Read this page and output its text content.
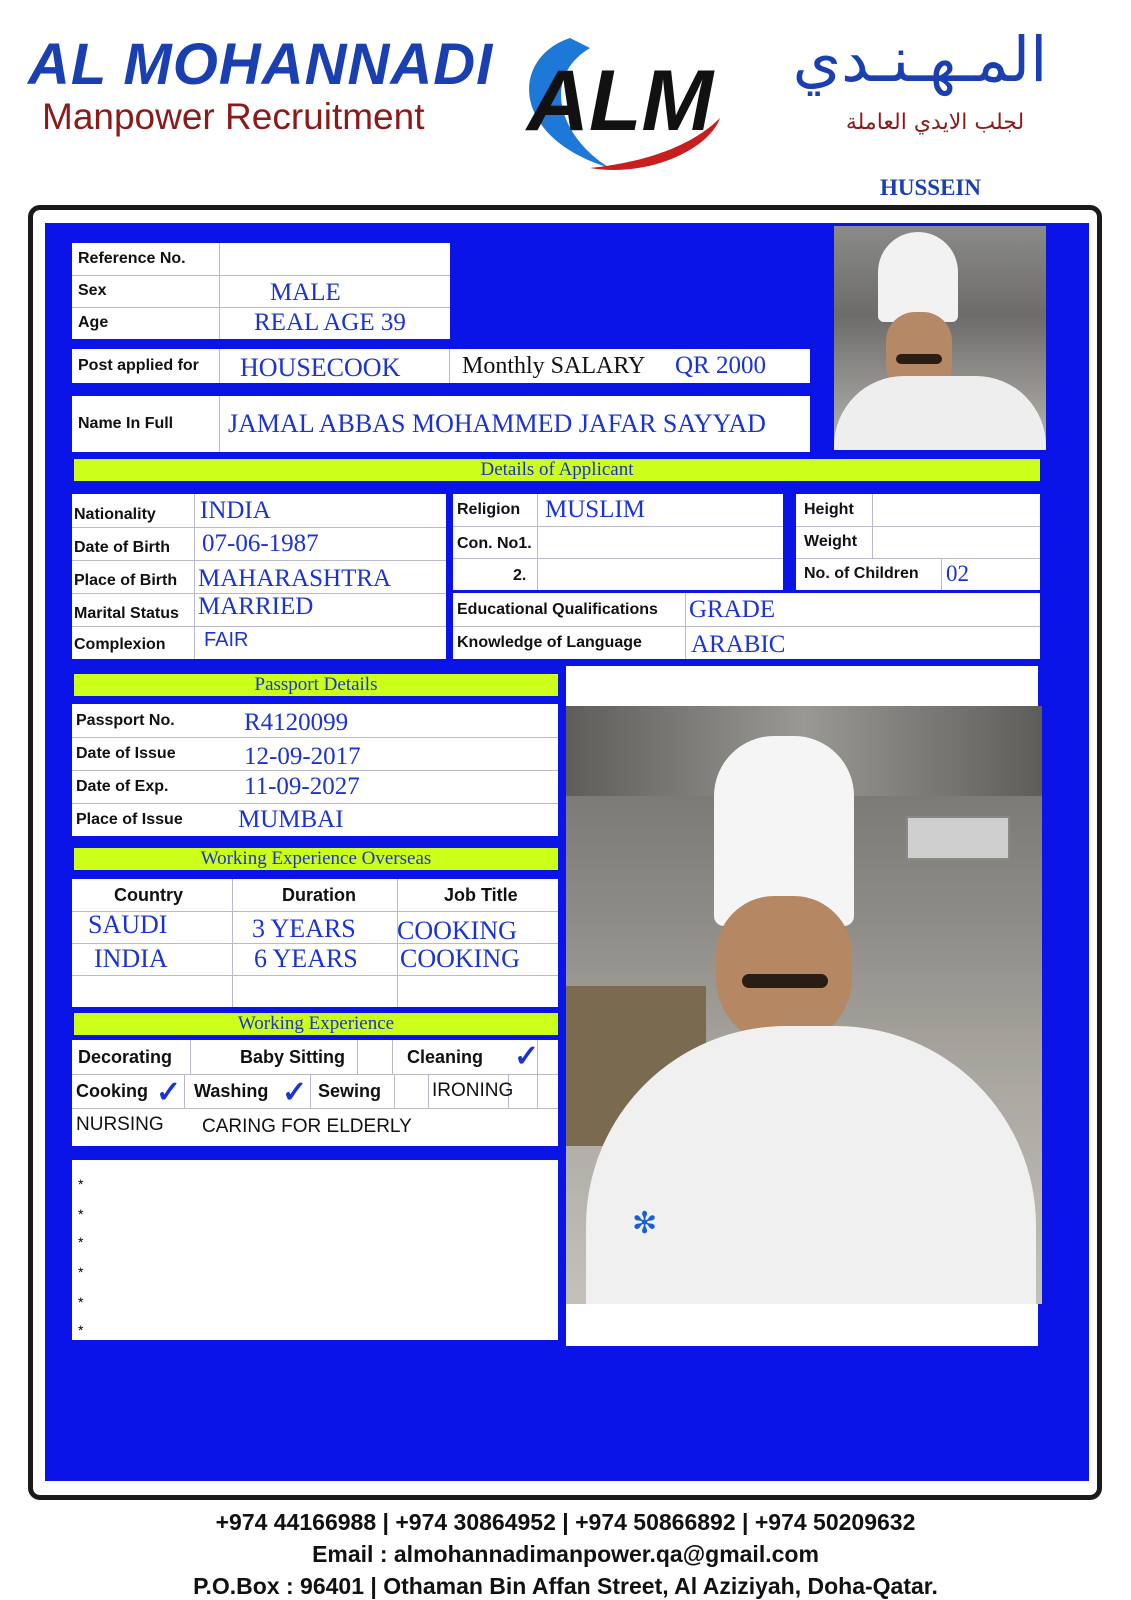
AL MOHANNADI
Manpower Recruitment	ALM	المـهـنـدي
لجلب الايدي العاملة
HUSSEIN
Reference No.
Sex	MALE
Age	REAL AGE 39
Post applied for HOUSECOOK	Monthly SALARY QR 2000
Name In Full JAMAL ABBAS MOHAMMED JAFAR SAYYAD
Details of Applicant
Nationality INDIA
Date of Birth 07-06-1987
Place of Birth MAHARASHTRA
Marital Status MARRIED
Complexion FAIR
Religion MUSLIM
Con. No1.
2.
Height
Weight
No. of Children 02
Educational Qualifications GRADE
Knowledge of Language ARABIC
Passport Details
Passport No.	R4120099
Date of Issue	12-09-2017
Date of Exp.	11-09-2027
Place of Issue MUMBAI
Working Experience Overseas
Country	Duration	Job Title
SAUDI	3 YEARS COOKING
INDIA	6 YEARS COOKING
Working Experience
Decorating	Baby Sitting	Cleaning ✓
Cooking ✓ Washing ✓ Sewing	IRONING
NURSING CARING FOR ELDERLY
*
*
*
*
*
*
✻
+974 44166988 | +974 30864952 | +974 50866892 | +974 50209632
Email : almohannadimanpower.qa@gmail.com
P.O.Box : 96401 | Othaman Bin Affan Street, Al Aziziyah, Doha-Qatar.
